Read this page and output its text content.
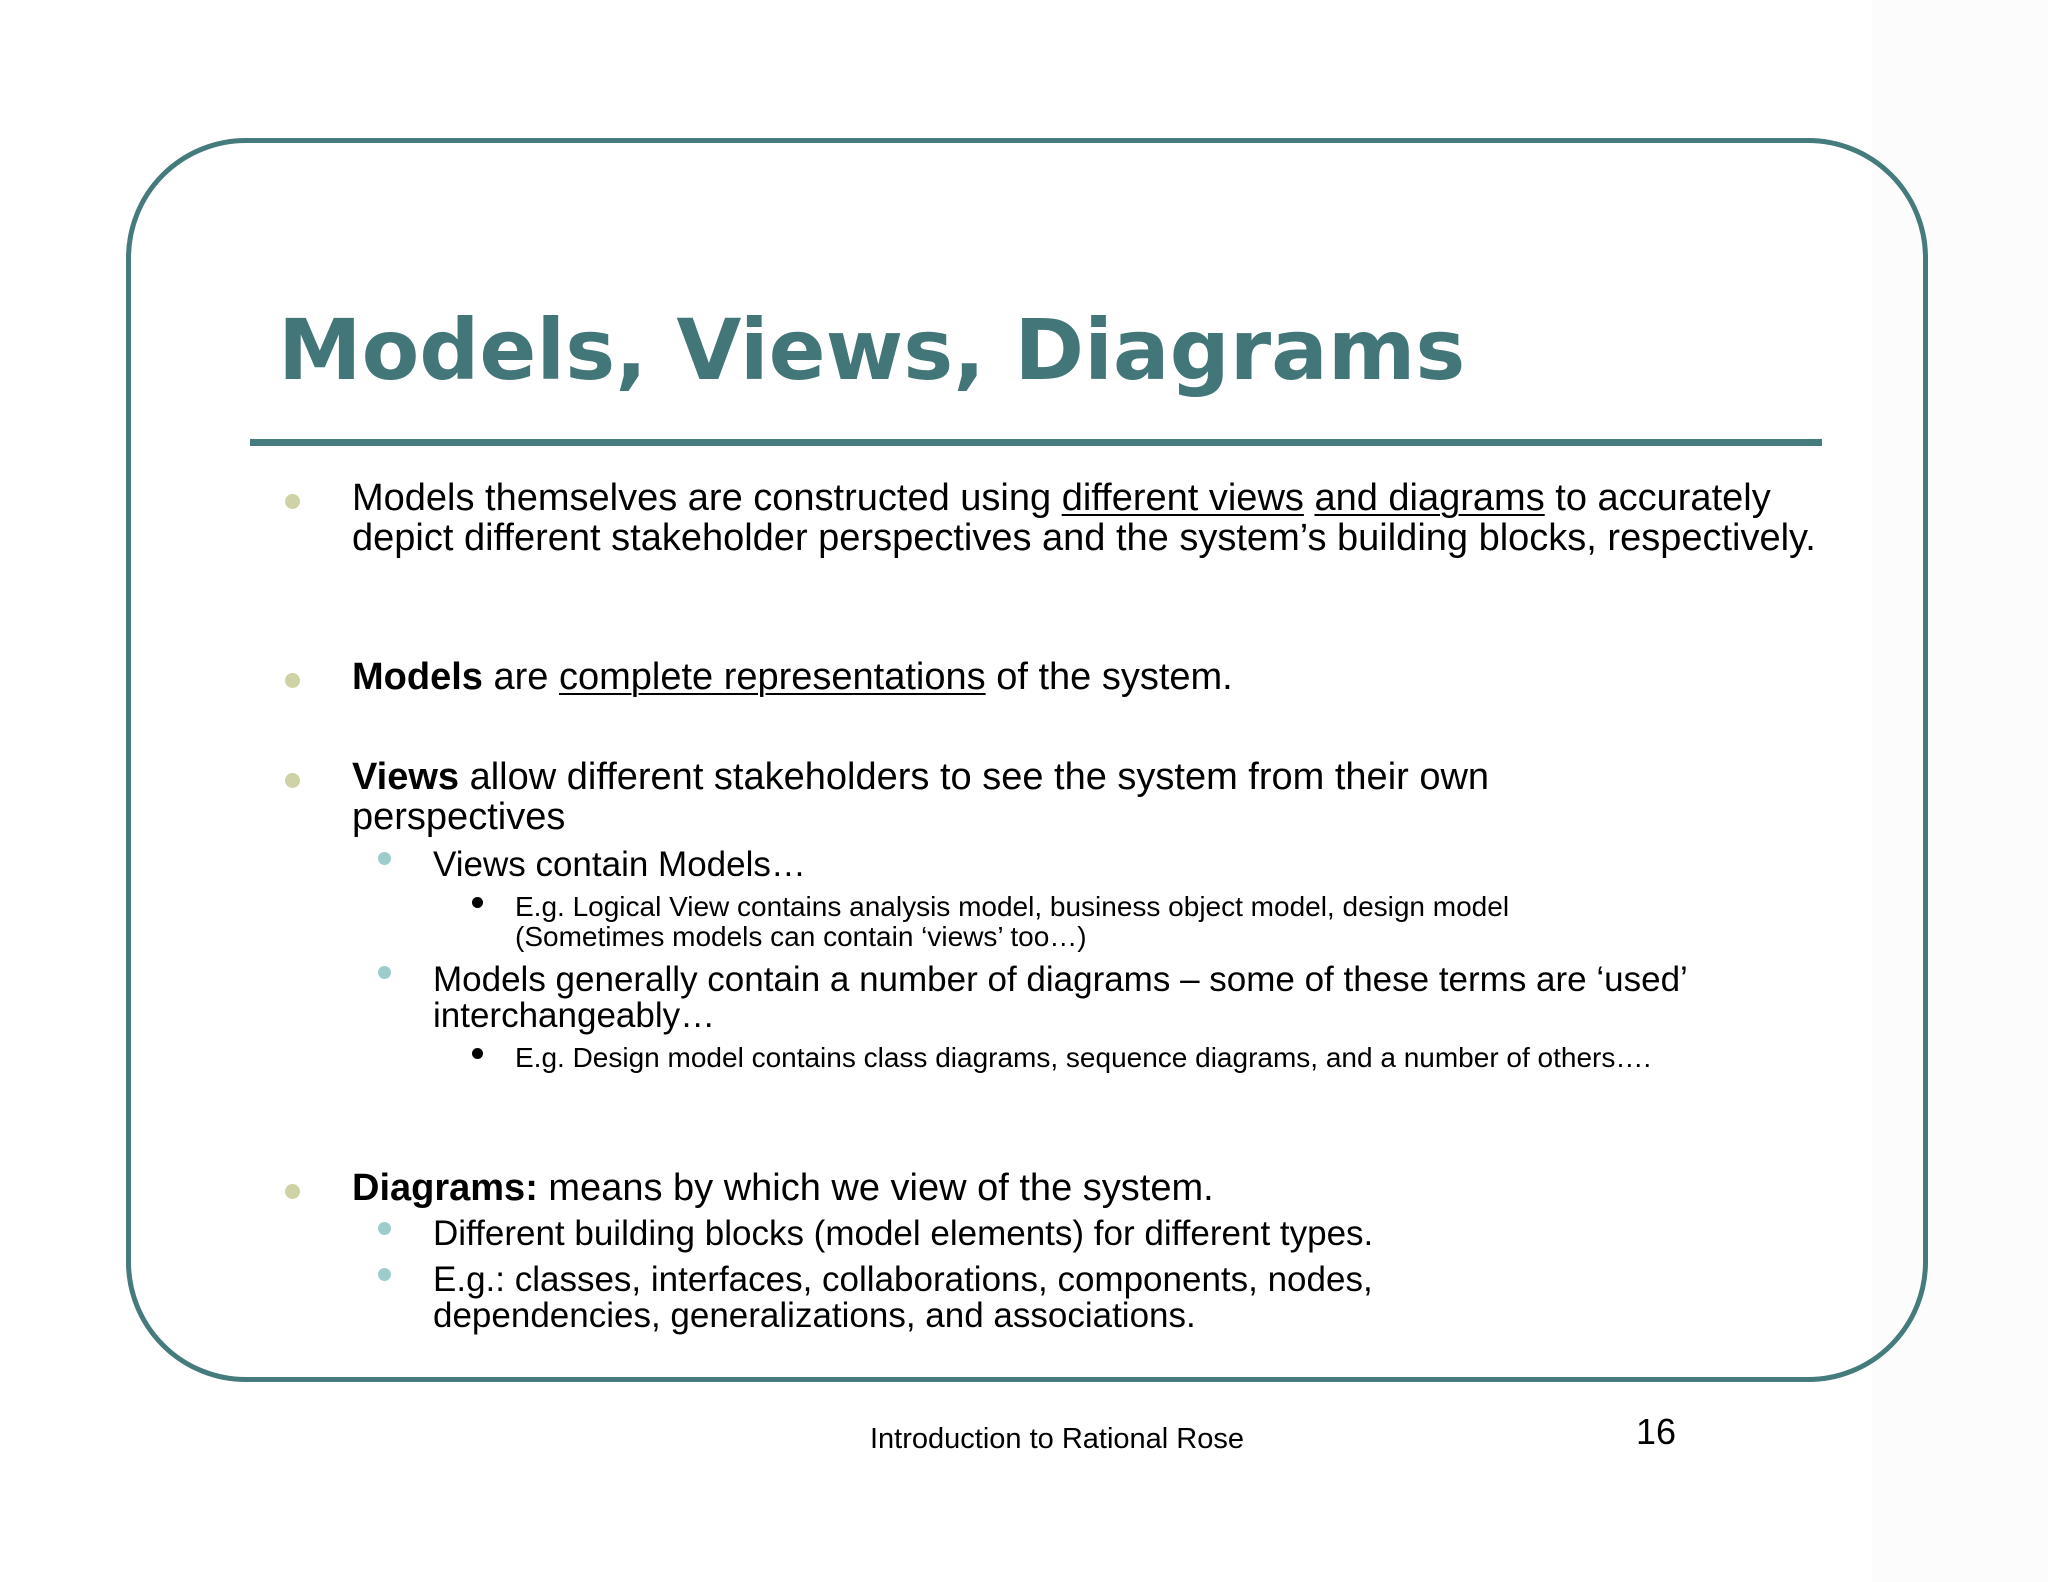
Models, Views, Diagrams
Models themselves are constructed using different views and diagrams to accurately depict different stakeholder perspectives and the system’s building blocks, respectively.
Models are complete representations of the system.
Views allow different stakeholders to see the system from their own perspectives
Views contain Models…
E.g. Logical View contains analysis model, business object model, design model (Sometimes models can contain ‘views’ too…)
Models generally contain a number of diagrams – some of these terms are ‘used’ interchangeably…
E.g. Design model contains class diagrams, sequence diagrams, and a number of others….
Diagrams: means by which we view of the system.
Different building blocks (model elements) for different types.
E.g.: classes, interfaces, collaborations, components, nodes, dependencies, generalizations, and associations.
Introduction to Rational Rose	16
